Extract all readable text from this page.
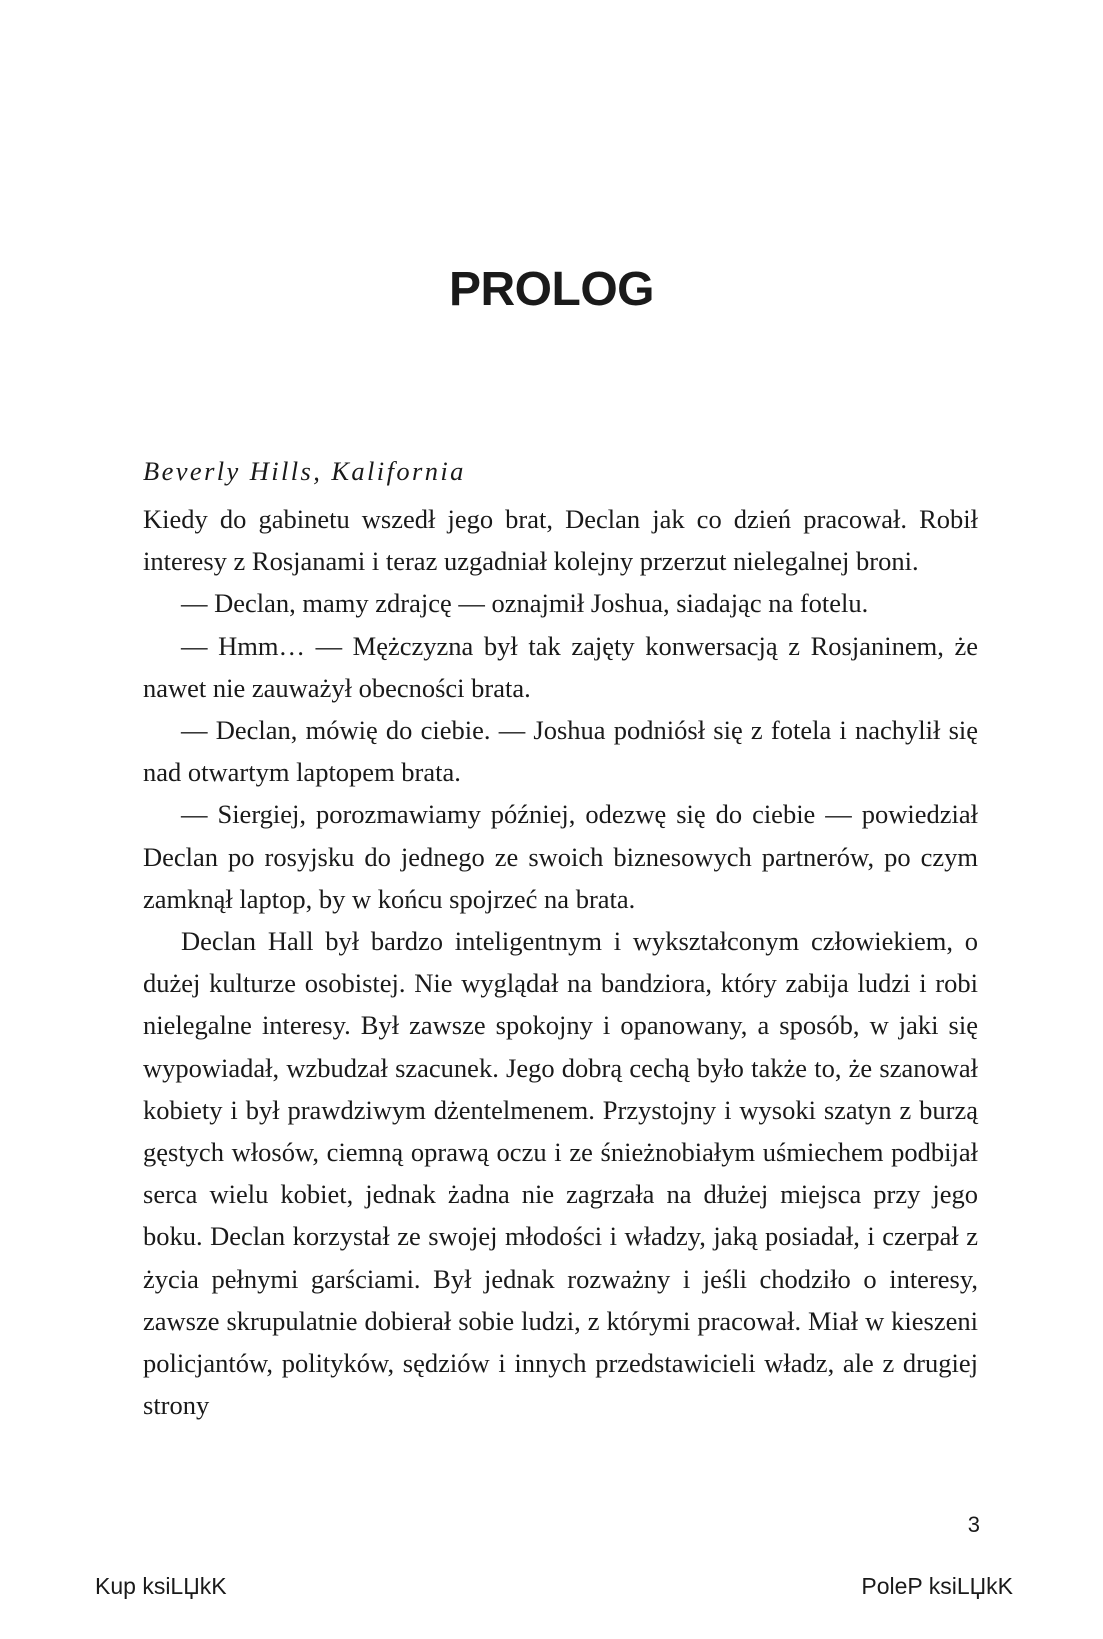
PROLOG

Beverly Hills, Kalifornia

Kiedy do gabinetu wszedł jego brat, Declan jak co dzień pracował. Robił interesy z Rosjanami i teraz uzgadniał kolejny przerzut nielegalnej broni.

— Declan, mamy zdrajcę — oznajmił Joshua, siadając na fotelu.

— Hmm… — Mężczyzna był tak zajęty konwersacją z Rosjaninem, że nawet nie zauważył obecności brata.

— Declan, mówię do ciebie. — Joshua podniósł się z fotela i nachylił się nad otwartym laptopem brata.

— Siergiej, porozmawiamy później, odezwę się do ciebie — powiedział Declan po rosyjsku do jednego ze swoich biznesowych partnerów, po czym zamknął laptop, by w końcu spojrzeć na brata.

Declan Hall był bardzo inteligentnym i wykształconym człowiekiem, o dużej kulturze osobistej. Nie wyglądał na bandziora, który zabija ludzi i robi nielegalne interesy. Był zawsze spokojny i opanowany, a sposób, w jaki się wypowiadał, wzbudzał szacunek. Jego dobrą cechą było także to, że szanował kobiety i był prawdziwym dżentelmenem. Przystojny i wysoki szatyn z burzą gęstych włosów, ciemną oprawą oczu i ze śnieżnobiałym uśmiechem podbijał serca wielu kobiet, jednak żadna nie zagrzała na dłużej miejsca przy jego boku. Declan korzystał ze swojej młodości i władzy, jaką posiadał, i czerpał z życia pełnymi garściami. Był jednak rozważny i jeśli chodziło o interesy, zawsze skrupulatnie dobierał sobie ludzi, z którymi pracował. Miał w kieszeni policjantów, polityków, sędziów i innych przedstawicieli władz, ale z drugiej strony

3
Kup ksiLЏkK	PoleP ksiLЏkK
